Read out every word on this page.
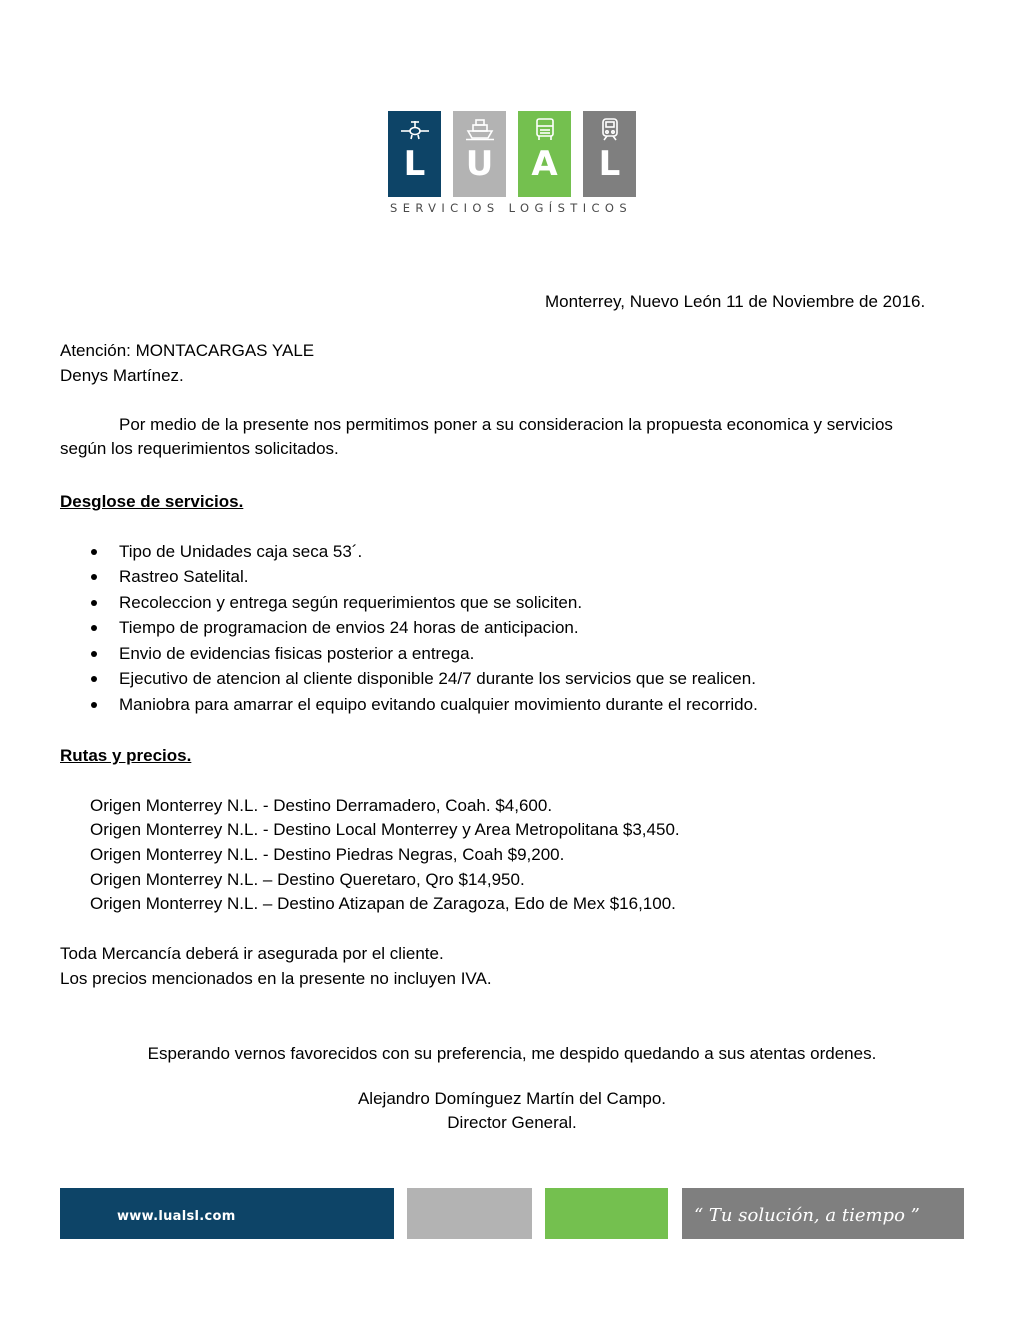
L	U	A	L
SERVICIOS LOGÍSTICOS
Monterrey, Nuevo León 11 de Noviembre de 2016.
Atención: MONTACARGAS YALE
Denys Martínez.
Por medio de la presente nos permitimos poner a su consideracion la propuesta economica y servicios
según los requerimientos solicitados.
Desglose de servicios.
Tipo de Unidades caja seca 53´.
Rastreo Satelital.
Recoleccion y entrega según requerimientos que se soliciten.
Tiempo de programacion de envios 24 horas de anticipacion.
Envio de evidencias fisicas posterior a entrega.
Ejecutivo de atencion al cliente disponible 24/7 durante los servicios que se realicen.
Maniobra para amarrar el equipo evitando cualquier movimiento durante el recorrido.
Rutas y precios.
Origen Monterrey N.L. - Destino Derramadero, Coah. $4,600.
Origen Monterrey N.L. - Destino Local Monterrey y Area Metropolitana $3,450.
Origen Monterrey N.L. - Destino Piedras Negras, Coah $9,200.
Origen Monterrey N.L. – Destino Queretaro, Qro $14,950.
Origen Monterrey N.L. – Destino Atizapan de Zaragoza, Edo de Mex $16,100.
Toda Mercancía deberá ir asegurada por el cliente.
Los precios mencionados en la presente no incluyen IVA.
Esperando vernos favorecidos con su preferencia, me despido quedando a sus atentas ordenes.
Alejandro Domínguez Martín del Campo.
Director General.
www.lualsl.com	“ Tu solución, a tiempo ”
